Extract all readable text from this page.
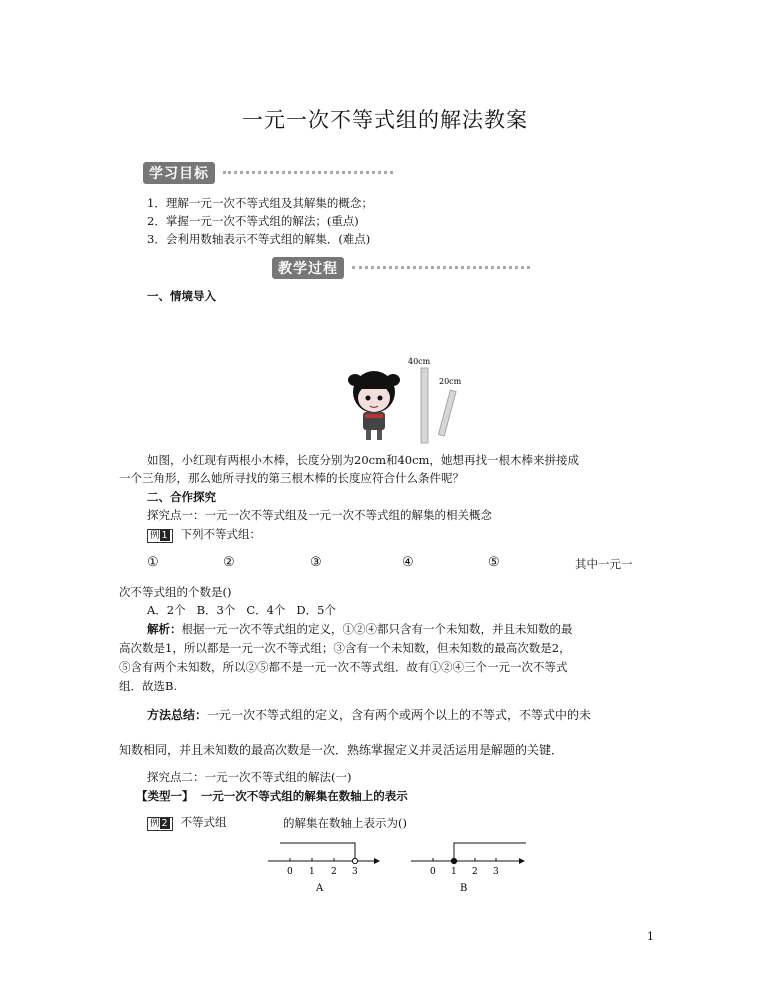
一元一次不等式组的解法教案
学习目标
1．理解一元一次不等式组及其解集的概念；
2．掌握一元一次不等式组的解法；(重点)
3．会利用数轴表示不等式组的解集．(难点)
教学过程
一、情境导入
40cm
20cm
如图，小红现有两根小木棒，长度分别为20cm和40cm，她想再找一根木棒来拼接成
一个三角形，那么她所寻找的第三根木棒的长度应符合什么条件呢？
二、合作探究
探究点一：一元一次不等式组及一元一次不等式组的解集的相关概念
例 1 下列不等式组：
①	②	③	④	⑤	其中一元一
次不等式组的个数是()
A．2个   B．3个   C．4个   D．5个
解析：根据一元一次不等式组的定义，①②④都只含有一个未知数，并且未知数的最
高次数是1，所以都是一元一次不等式组；③含有一个未知数，但未知数的最高次数是2，
⑤含有两个未知数，所以②⑤都不是一元一次不等式组．故有①②④三个一元一次不等式
组．故选B.
方法总结：一元一次不等式组的定义，含有两个或两个以上的不等式，不等式中的未
知数相同，并且未知数的最高次数是一次．熟练掌握定义并灵活运用是解题的关键．
探究点二：一元一次不等式组的解法(一)
【类型一】 一元一次不等式组的解集在数轴上的表示
例 2 不等式组	的解集在数轴上表示为()
0 1 2 3
A
0 1 2 3
B
1
